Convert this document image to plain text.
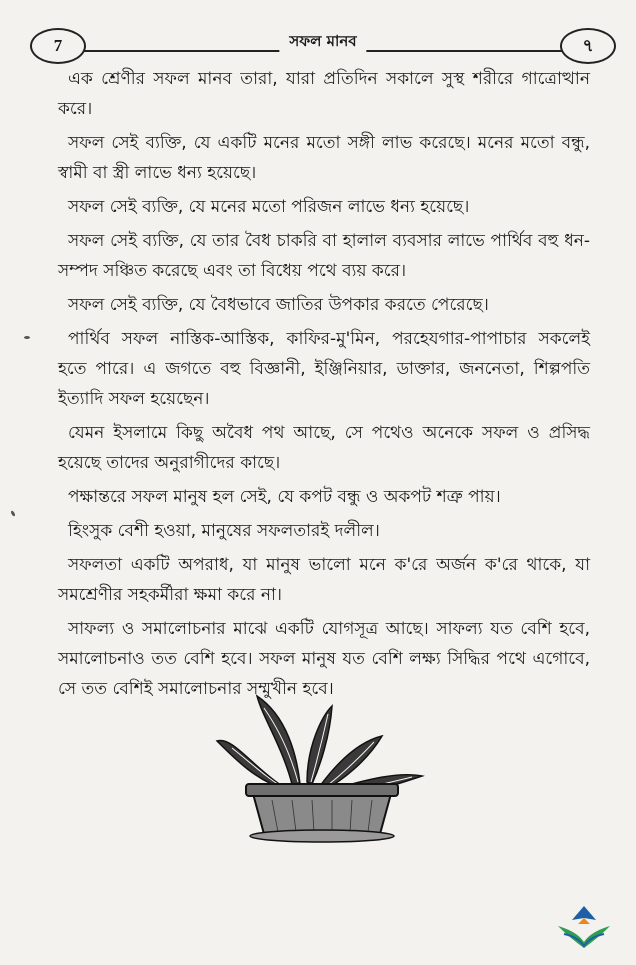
7	সফল মানব	৭

এক শ্রেণীর সফল মানব তারা, যারা প্রতিদিন সকালে সুস্থ শরীরে গাত্রোত্থান করে।

সফল সেই ব্যক্তি, যে একটি মনের মতো সঙ্গী লাভ করেছে। মনের মতো বন্ধু, স্বামী বা স্ত্রী লাভে ধন্য হয়েছে।

সফল সেই ব্যক্তি, যে মনের মতো পরিজন লাভে ধন্য হয়েছে।

সফল সেই ব্যক্তি, যে তার বৈধ চাকরি বা হালাল ব্যবসার লাভে পার্থিব বহু ধন-সম্পদ সঞ্চিত করেছে এবং তা বিধেয় পথে ব্যয় করে।

সফল সেই ব্যক্তি, যে বৈধভাবে জাতির উপকার করতে পেরেছে।

পার্থিব সফল নাস্তিক-আস্তিক, কাফির-মু'মিন, পরহেযগার-পাপাচার সকলেই হতে পারে। এ জগতে বহু বিজ্ঞানী, ইঞ্জিনিয়ার, ডাক্তার, জননেতা, শিল্পপতি ইত্যাদি সফল হয়েছেন।

যেমন ইসলামে কিছু অবৈধ পথ আছে, সে পথেও অনেকে সফল ও প্রসিদ্ধ হয়েছে তাদের অনুরাগীদের কাছে।

পক্ষান্তরে সফল মানুষ হল সেই, যে কপট বন্ধু ও অকপট শত্রু পায়।

হিংসুক বেশী হওয়া, মানুষের সফলতারই দলীল।

সফলতা একটি অপরাধ, যা মানুষ ভালো মনে ক'রে অর্জন ক'রে থাকে, যা সমশ্রেণীর সহকর্মীরা ক্ষমা করে না।

সাফল্য ও সমালোচনার মাঝে একটি যোগসূত্র আছে। সাফল্য যত বেশি হবে, সমালোচনাও তত বেশি হবে। সফল মানুষ যত বেশি লক্ষ্য সিদ্ধির পথে এগোবে, সে তত বেশিই সমালোচনার সম্মুখীন হবে।
